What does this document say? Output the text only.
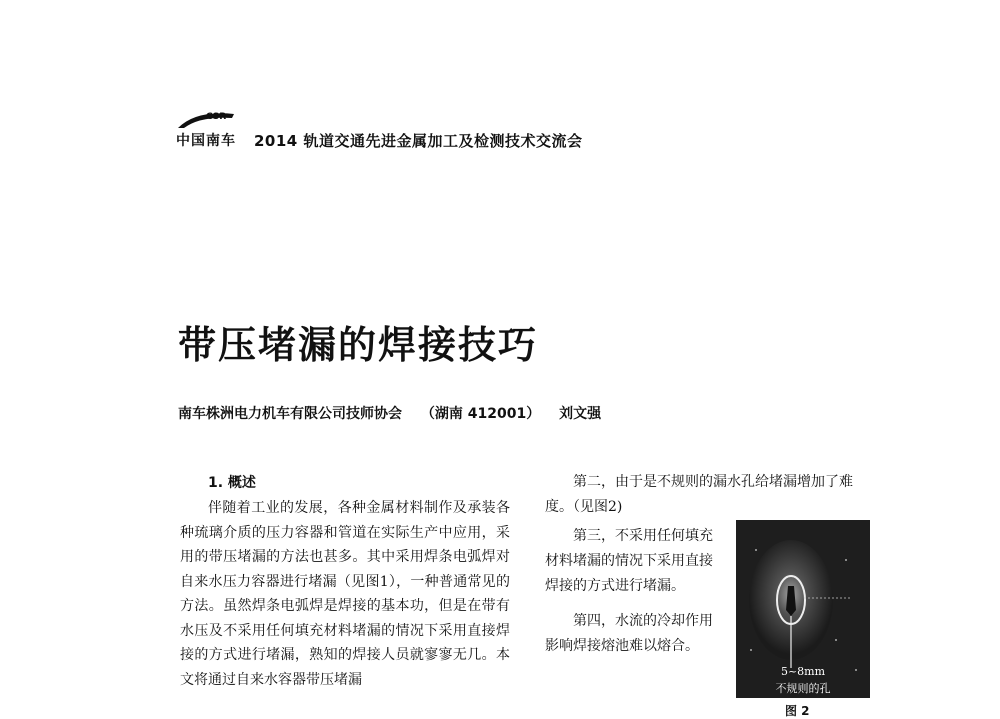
CSR
中国南车 2014 轨道交通先进金属加工及检测技术交流会
带压堵漏的焊接技巧
南车株洲电力机车有限公司技师协会 （湖南 412001） 刘文强
1. 概述

伴随着工业的发展，各种金属材料制作及承装各种琉璃介质的压力容器和管道在实际生产中应用，采用的带压堵漏的方法也甚多。其中采用焊条电弧焊对自来水压力容器进行堵漏（见图1），一种普通常见的方法。虽然焊条电弧焊是焊接的基本功，但是在带有水压及不采用任何填充材料堵漏的情况下采用直接焊接的方式进行堵漏，熟知的焊接人员就寥寥无几。本文将通过自来水容器带压堵漏

第二，由于是不规则的漏水孔给堵漏增加了难度。（见图2)

第三，不采用任何填充材料堵漏的情况下采用直接焊接的方式进行堵漏。

第四，水流的冷却作用影响焊接熔池难以熔合。

5~8mm
不规则的孔
图 2
